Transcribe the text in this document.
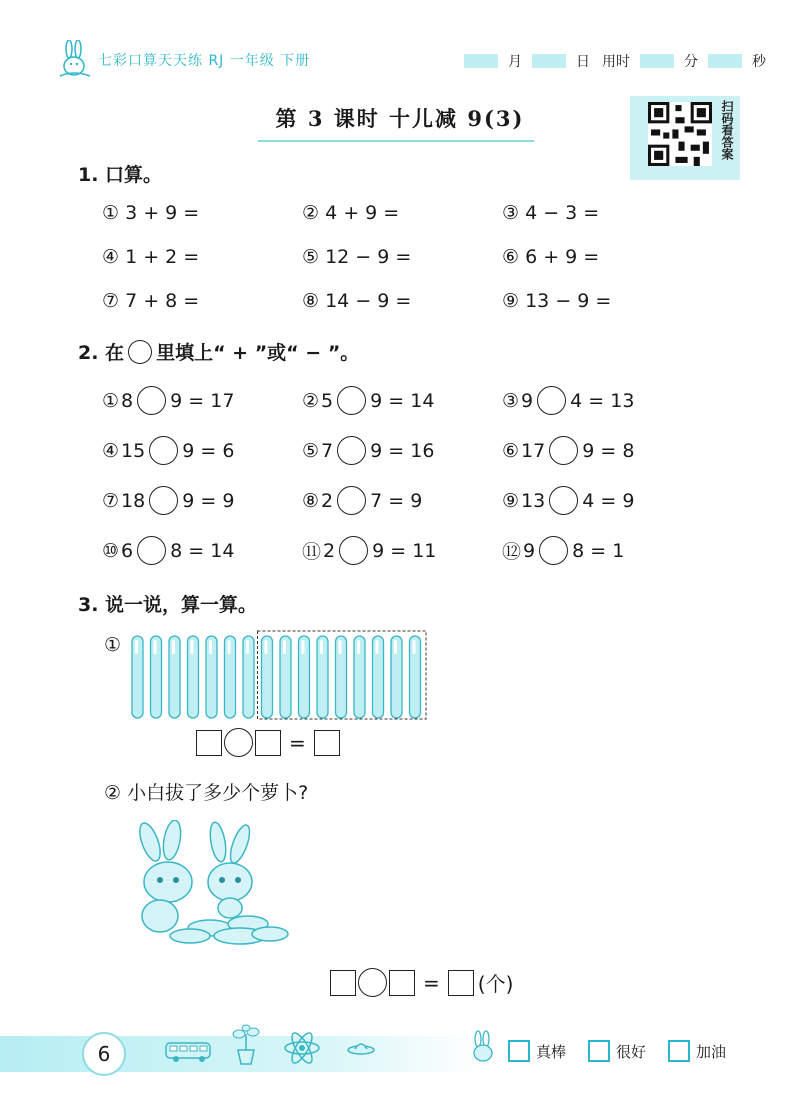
七彩口算天天练 RJ 一年级 下册	月	日 用时	分	秒
第 3 课时 十儿减 9(3)	扫码看答案
1. 口算。
① 3 + 9 =	② 4 + 9 =	③ 4 − 3 =
④ 1 + 2 =	⑤ 12 − 9 =	⑥ 6 + 9 =
⑦ 7 + 8 =	⑧ 14 − 9 =	⑨ 13 − 9 =
2. 在 里填上“ + ”或“ − ”。
① 8 9 = 17	② 5 9 = 14	③ 9 4 = 13
④ 15 9 = 6	⑤ 7 9 = 16	⑥ 17 9 = 8
⑦ 18 9 = 9	⑧ 2 7 = 9	⑨ 13 4 = 9
⑩ 6 8 = 14	⑪ 2 9 = 11	⑫ 9 8 = 1
3. 说一说，算一算。
①
=
② 小白拔了多少个萝卜?
= (个)
6	真棒	很好	加油
